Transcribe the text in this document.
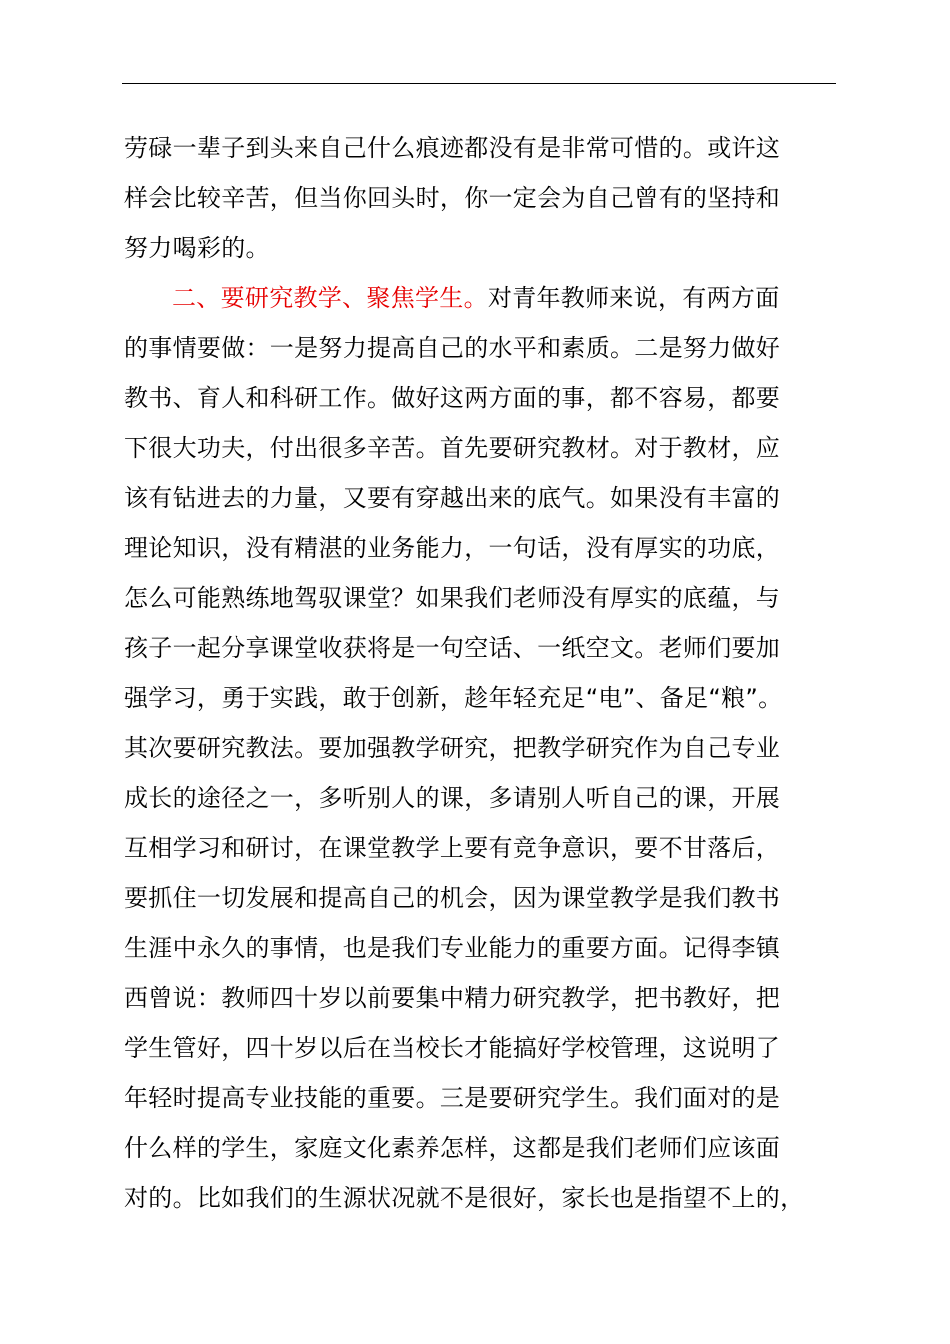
劳碌一辈子到头来自己什么痕迹都没有是非常可惜的。或许这
样会比较辛苦，但当你回头时，你一定会为自己曾有的坚持和
努力喝彩的。
二、要研究教学、聚焦学生。对青年教师来说，有两方面
的事情要做：一是努力提高自己的水平和素质。二是努力做好
教书、育人和科研工作。做好这两方面的事，都不容易，都要
下很大功夫，付出很多辛苦。首先要研究教材。对于教材，应
该有钻进去的力量，又要有穿越出来的底气。如果没有丰富的
理论知识，没有精湛的业务能力，一句话，没有厚实的功底，
怎么可能熟练地驾驭课堂？如果我们老师没有厚实的底蕴，与
孩子一起分享课堂收获将是一句空话、一纸空文。老师们要加
强学习，勇于实践，敢于创新，趁年轻充足“电”、备足“粮”。
其次要研究教法。要加强教学研究，把教学研究作为自己专业
成长的途径之一，多听别人的课，多请别人听自己的课，开展
互相学习和研讨，在课堂教学上要有竞争意识，要不甘落后，
要抓住一切发展和提高自己的机会，因为课堂教学是我们教书
生涯中永久的事情，也是我们专业能力的重要方面。记得李镇
西曾说：教师四十岁以前要集中精力研究教学，把书教好，把
学生管好，四十岁以后在当校长才能搞好学校管理，这说明了
年轻时提高专业技能的重要。三是要研究学生。我们面对的是
什么样的学生，家庭文化素养怎样，这都是我们老师们应该面
对的。比如我们的生源状况就不是很好，家长也是指望不上的，
